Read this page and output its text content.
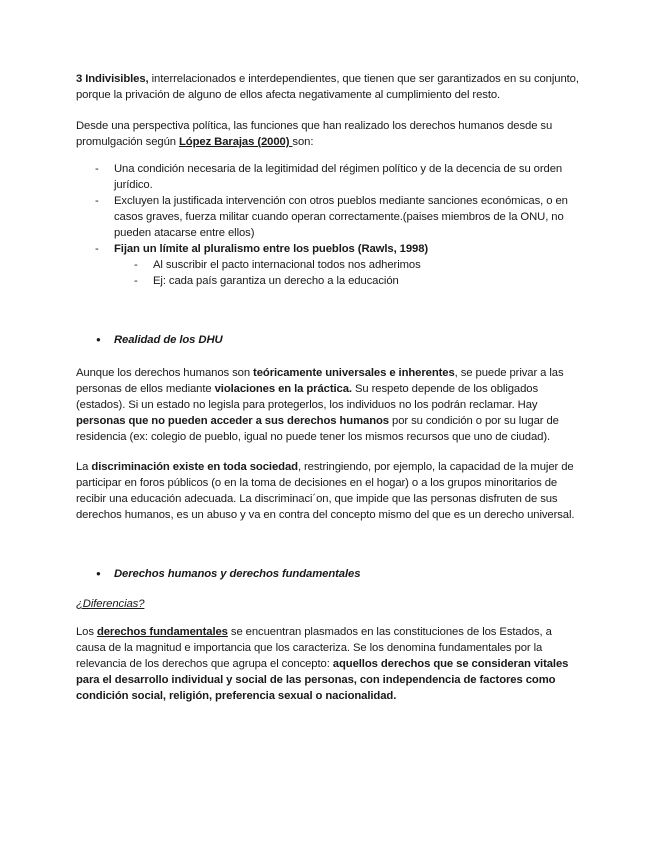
3 Indivisibles, interrelacionados e interdependientes, que tienen que ser garantizados en su conjunto, porque la privación de alguno de ellos afecta negativamente al cumplimiento del resto.

Desde una perspectiva política, las funciones que han realizado los derechos humanos desde su promulgación según López Barajas (2000) son:

- Una condición necesaria de la legitimidad del régimen político y de la decencia de su orden jurídico.
- Excluyen la justificada intervención con otros pueblos mediante sanciones económicas, o en casos graves, fuerza militar cuando operan correctamente.(paises miembros de la ONU, no pueden atacarse entre ellos)
- Fijan un límite al pluralismo entre los pueblos (Rawls, 1998)
- Al suscribir el pacto internacional todos nos adherimos
- Ej: cada país garantiza un derecho a la educación

● Realidad de los DHU

Aunque los derechos humanos son teóricamente universales e inherentes, se puede privar a las personas de ellos mediante violaciones en la práctica. Su respeto depende de los obligados (estados). Si un estado no legisla para protegerlos, los individuos no los podrán reclamar. Hay personas que no pueden acceder a sus derechos humanos por su condición o por su lugar de residencia (ex: colegio de pueblo, igual no puede tener los mismos recursos que uno de ciudad).

La discriminación existe en toda sociedad, restringiendo, por ejemplo, la capacidad de la mujer de participar en foros públicos (o en la toma de decisiones en el hogar) o a los grupos minoritarios de recibir una educación adecuada. La discriminaci´on, que impide que las personas disfruten de sus derechos humanos, es un abuso y va en contra del concepto mismo del que es un derecho universal.

● Derechos humanos y derechos fundamentales

¿Diferencias?

Los derechos fundamentales se encuentran plasmados en las constituciones de los Estados, a causa de la magnitud e importancia que los caracteriza. Se los denomina fundamentales por la relevancia de los derechos que agrupa el concepto: aquellos derechos que se consideran vitales para el desarrollo individual y social de las personas, con independencia de factores como condición social, religión, preferencia sexual o nacionalidad.
